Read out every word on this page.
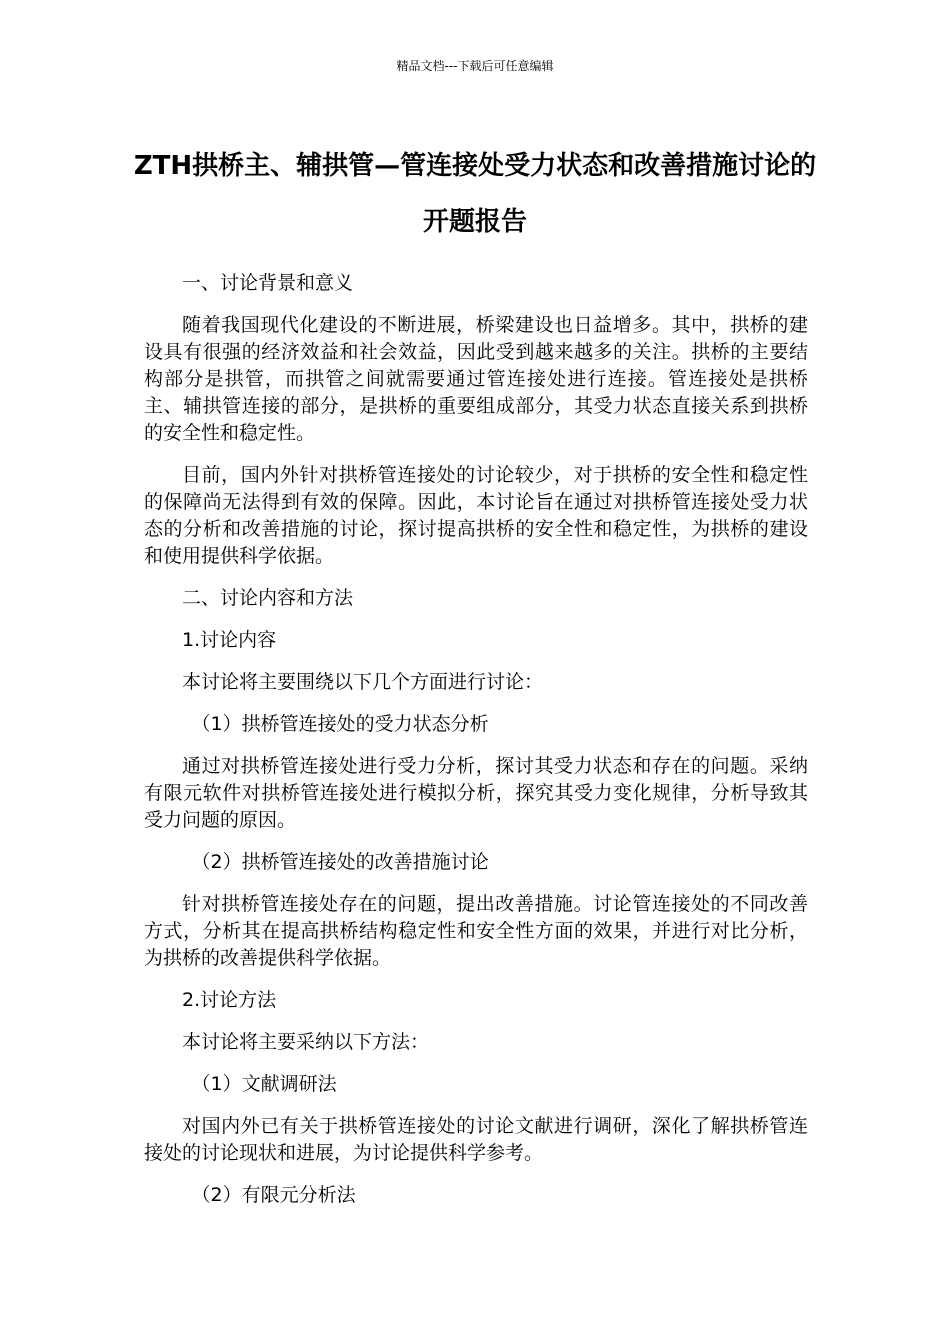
精品文档---下载后可任意编辑
ZTH拱桥主、辅拱管—管连接处受力状态和改善措施讨论的开题报告

一、讨论背景和意义

随着我国现代化建设的不断进展，桥梁建设也日益增多。其中，拱桥的建设具有很强的经济效益和社会效益，因此受到越来越多的关注。拱桥的主要结构部分是拱管，而拱管之间就需要通过管连接处进行连接。管连接处是拱桥主、辅拱管连接的部分，是拱桥的重要组成部分，其受力状态直接关系到拱桥的安全性和稳定性。

目前，国内外针对拱桥管连接处的讨论较少，对于拱桥的安全性和稳定性的保障尚无法得到有效的保障。因此，本讨论旨在通过对拱桥管连接处受力状态的分析和改善措施的讨论，探讨提高拱桥的安全性和稳定性，为拱桥的建设和使用提供科学依据。

二、讨论内容和方法

1.讨论内容

本讨论将主要围绕以下几个方面进行讨论：

（1）拱桥管连接处的受力状态分析

通过对拱桥管连接处进行受力分析，探讨其受力状态和存在的问题。采纳有限元软件对拱桥管连接处进行模拟分析，探究其受力变化规律，分析导致其受力问题的原因。

（2）拱桥管连接处的改善措施讨论

针对拱桥管连接处存在的问题，提出改善措施。讨论管连接处的不同改善方式，分析其在提高拱桥结构稳定性和安全性方面的效果，并进行对比分析，为拱桥的改善提供科学依据。

2.讨论方法

本讨论将主要采纳以下方法：

（1）文献调研法

对国内外已有关于拱桥管连接处的讨论文献进行调研，深化了解拱桥管连接处的讨论现状和进展，为讨论提供科学参考。

（2）有限元分析法
